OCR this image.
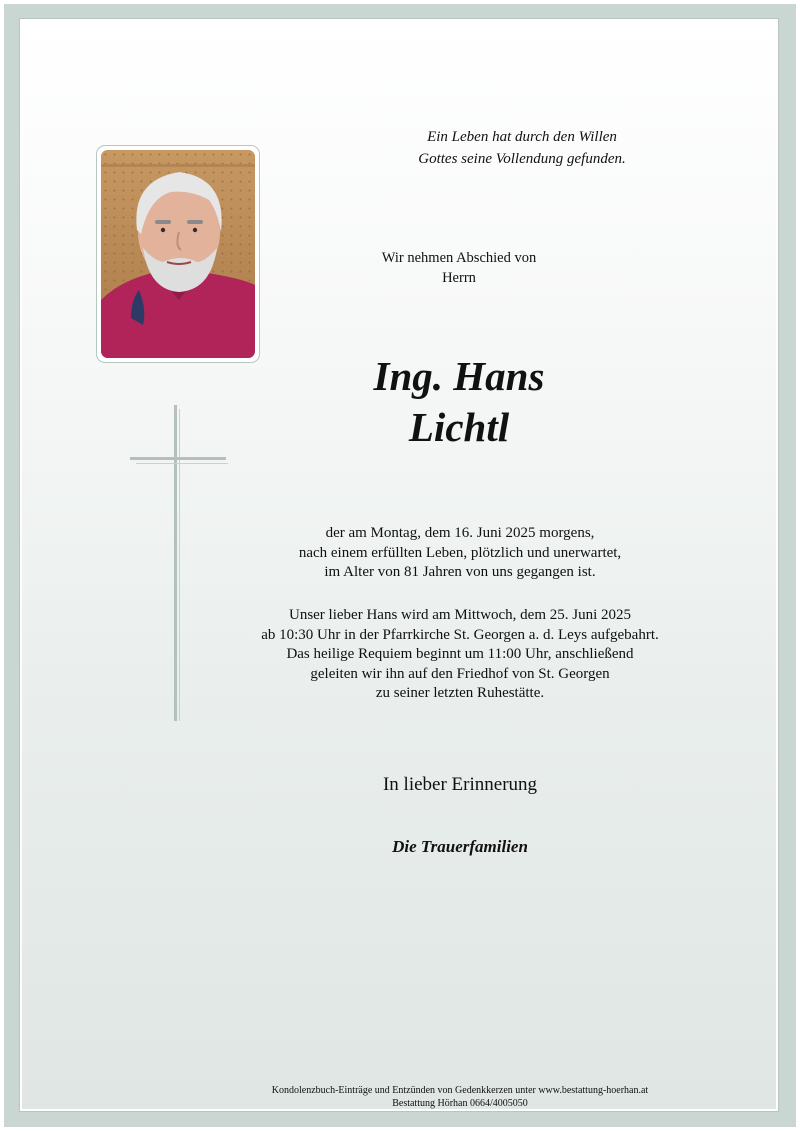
Ein Leben hat durch den Willen
Gottes seine Vollendung gefunden.
Wir nehmen Abschied von
Herrn
Ing. Hans
Lichtl
der am Montag, dem 16. Juni 2025 morgens,
nach einem erfüllten Leben, plötzlich und unerwartet,
im Alter von 81 Jahren von uns gegangen ist.
Unser lieber Hans wird am Mittwoch, dem 25. Juni 2025
ab 10:30 Uhr in der Pfarrkirche St. Georgen a. d. Leys aufgebahrt.
Das heilige Requiem beginnt um 11:00 Uhr, anschließend
geleiten wir ihn auf den Friedhof von St. Georgen
zu seiner letzten Ruhestätte.
In lieber Erinnerung
Die Trauerfamilien
Kondolenzbuch-Einträge und Entzünden von Gedenkkerzen unter www.bestattung-hoerhan.at
Bestattung Hörhan 0664/4005050
